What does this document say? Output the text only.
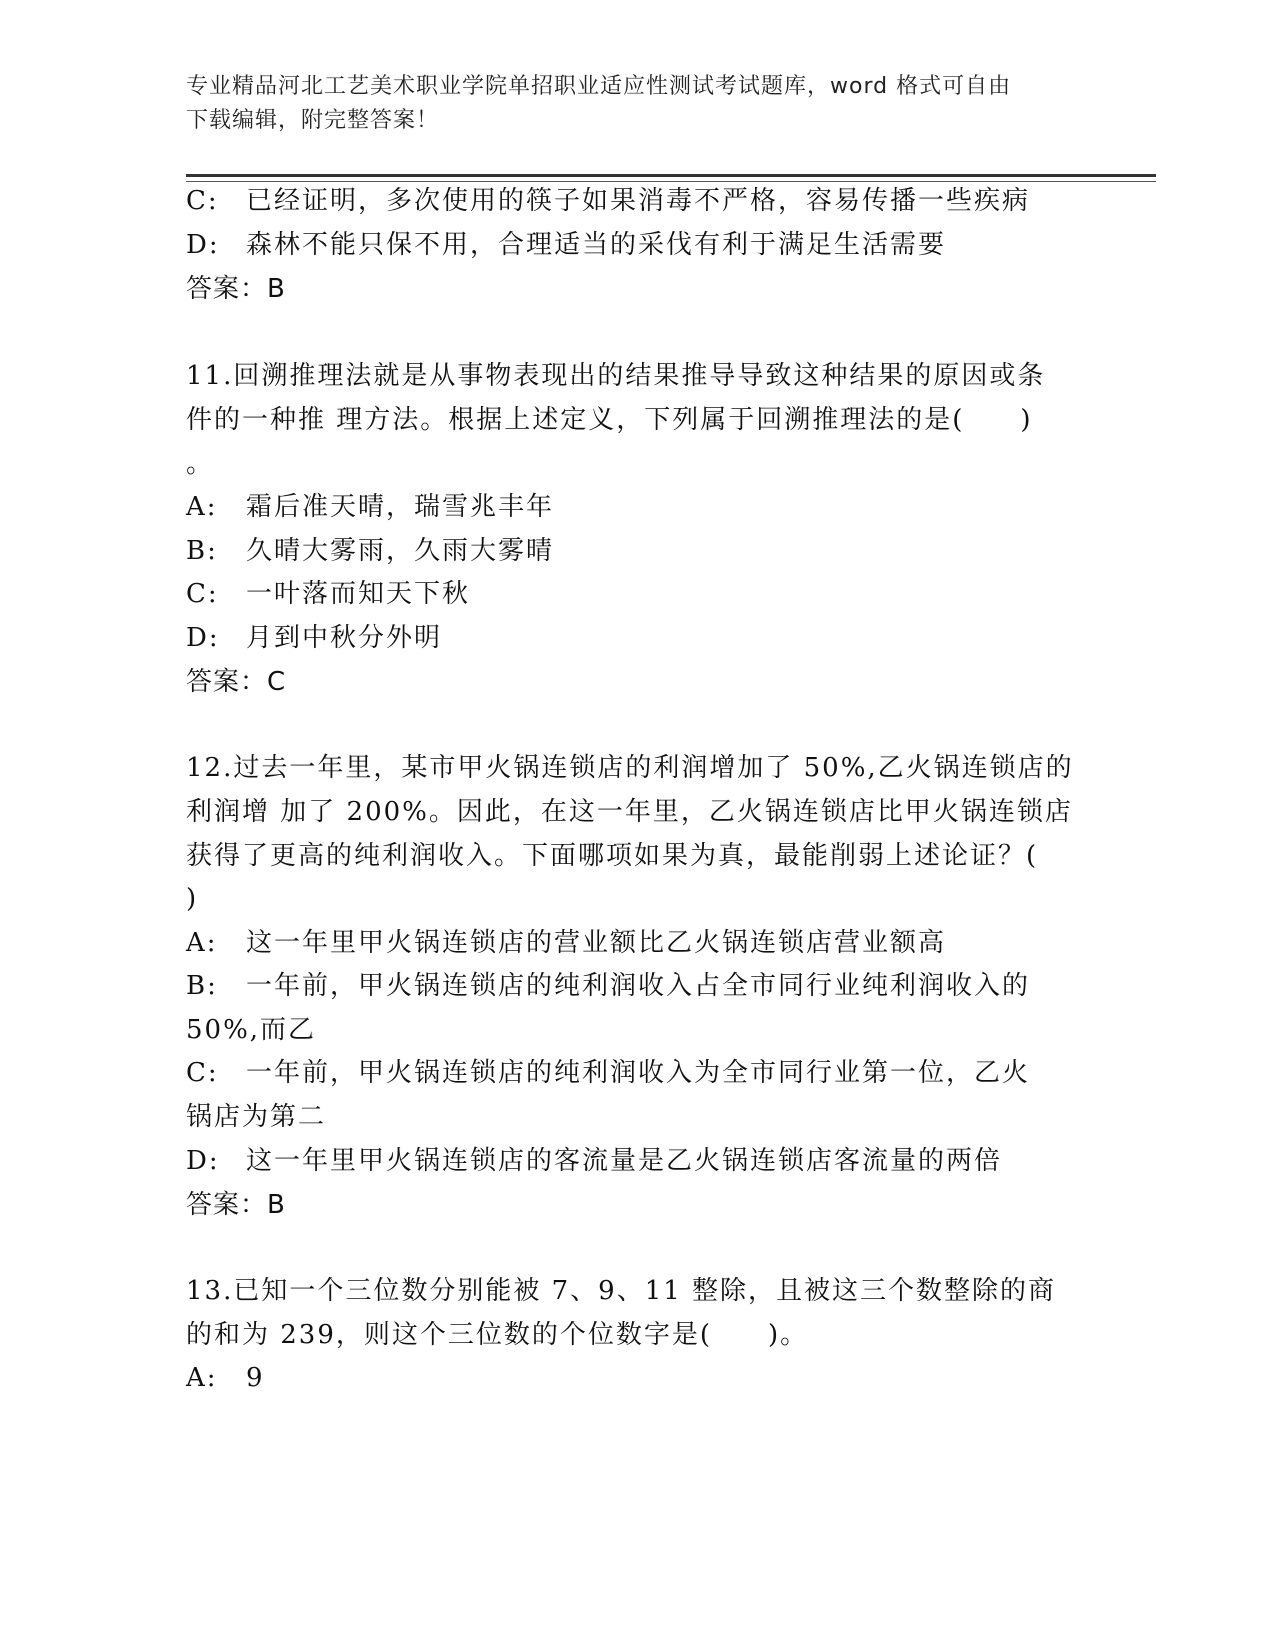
专业精品河北工艺美术职业学院单招职业适应性测试考试题库，word 格式可自由
下载编辑，附完整答案！
C: 已经证明，多次使用的筷子如果消毒不严格，容易传播一些疾病
D: 森林不能只保不用，合理适当的采伐有利于满足生活需要
答案：B
11.回溯推理法就是从事物表现出的结果推导导致这种结果的原因或条
件的一种推 理方法。根据上述定义，下列属于回溯推理法的是(　　)
。
A: 霜后准天晴，瑞雪兆丰年
B: 久晴大雾雨，久雨大雾晴
C: 一叶落而知天下秋
D: 月到中秋分外明
答案：C
12.过去一年里，某市甲火锅连锁店的利润增加了 50%,乙火锅连锁店的
利润增 加了 200%。因此，在这一年里，乙火锅连锁店比甲火锅连锁店
获得了更高的纯利润收入。下面哪项如果为真，最能削弱上述论证？(
)
A: 这一年里甲火锅连锁店的营业额比乙火锅连锁店营业额高
B: 一年前，甲火锅连锁店的纯利润收入占全市同行业纯利润收入的
50%,而乙
C: 一年前，甲火锅连锁店的纯利润收入为全市同行业第一位，乙火
锅店为第二
D: 这一年里甲火锅连锁店的客流量是乙火锅连锁店客流量的两倍
答案：B
13.已知一个三位数分别能被 7、9、11 整除，且被这三个数整除的商
的和为 239，则这个三位数的个位数字是(　　)。
A: 9
